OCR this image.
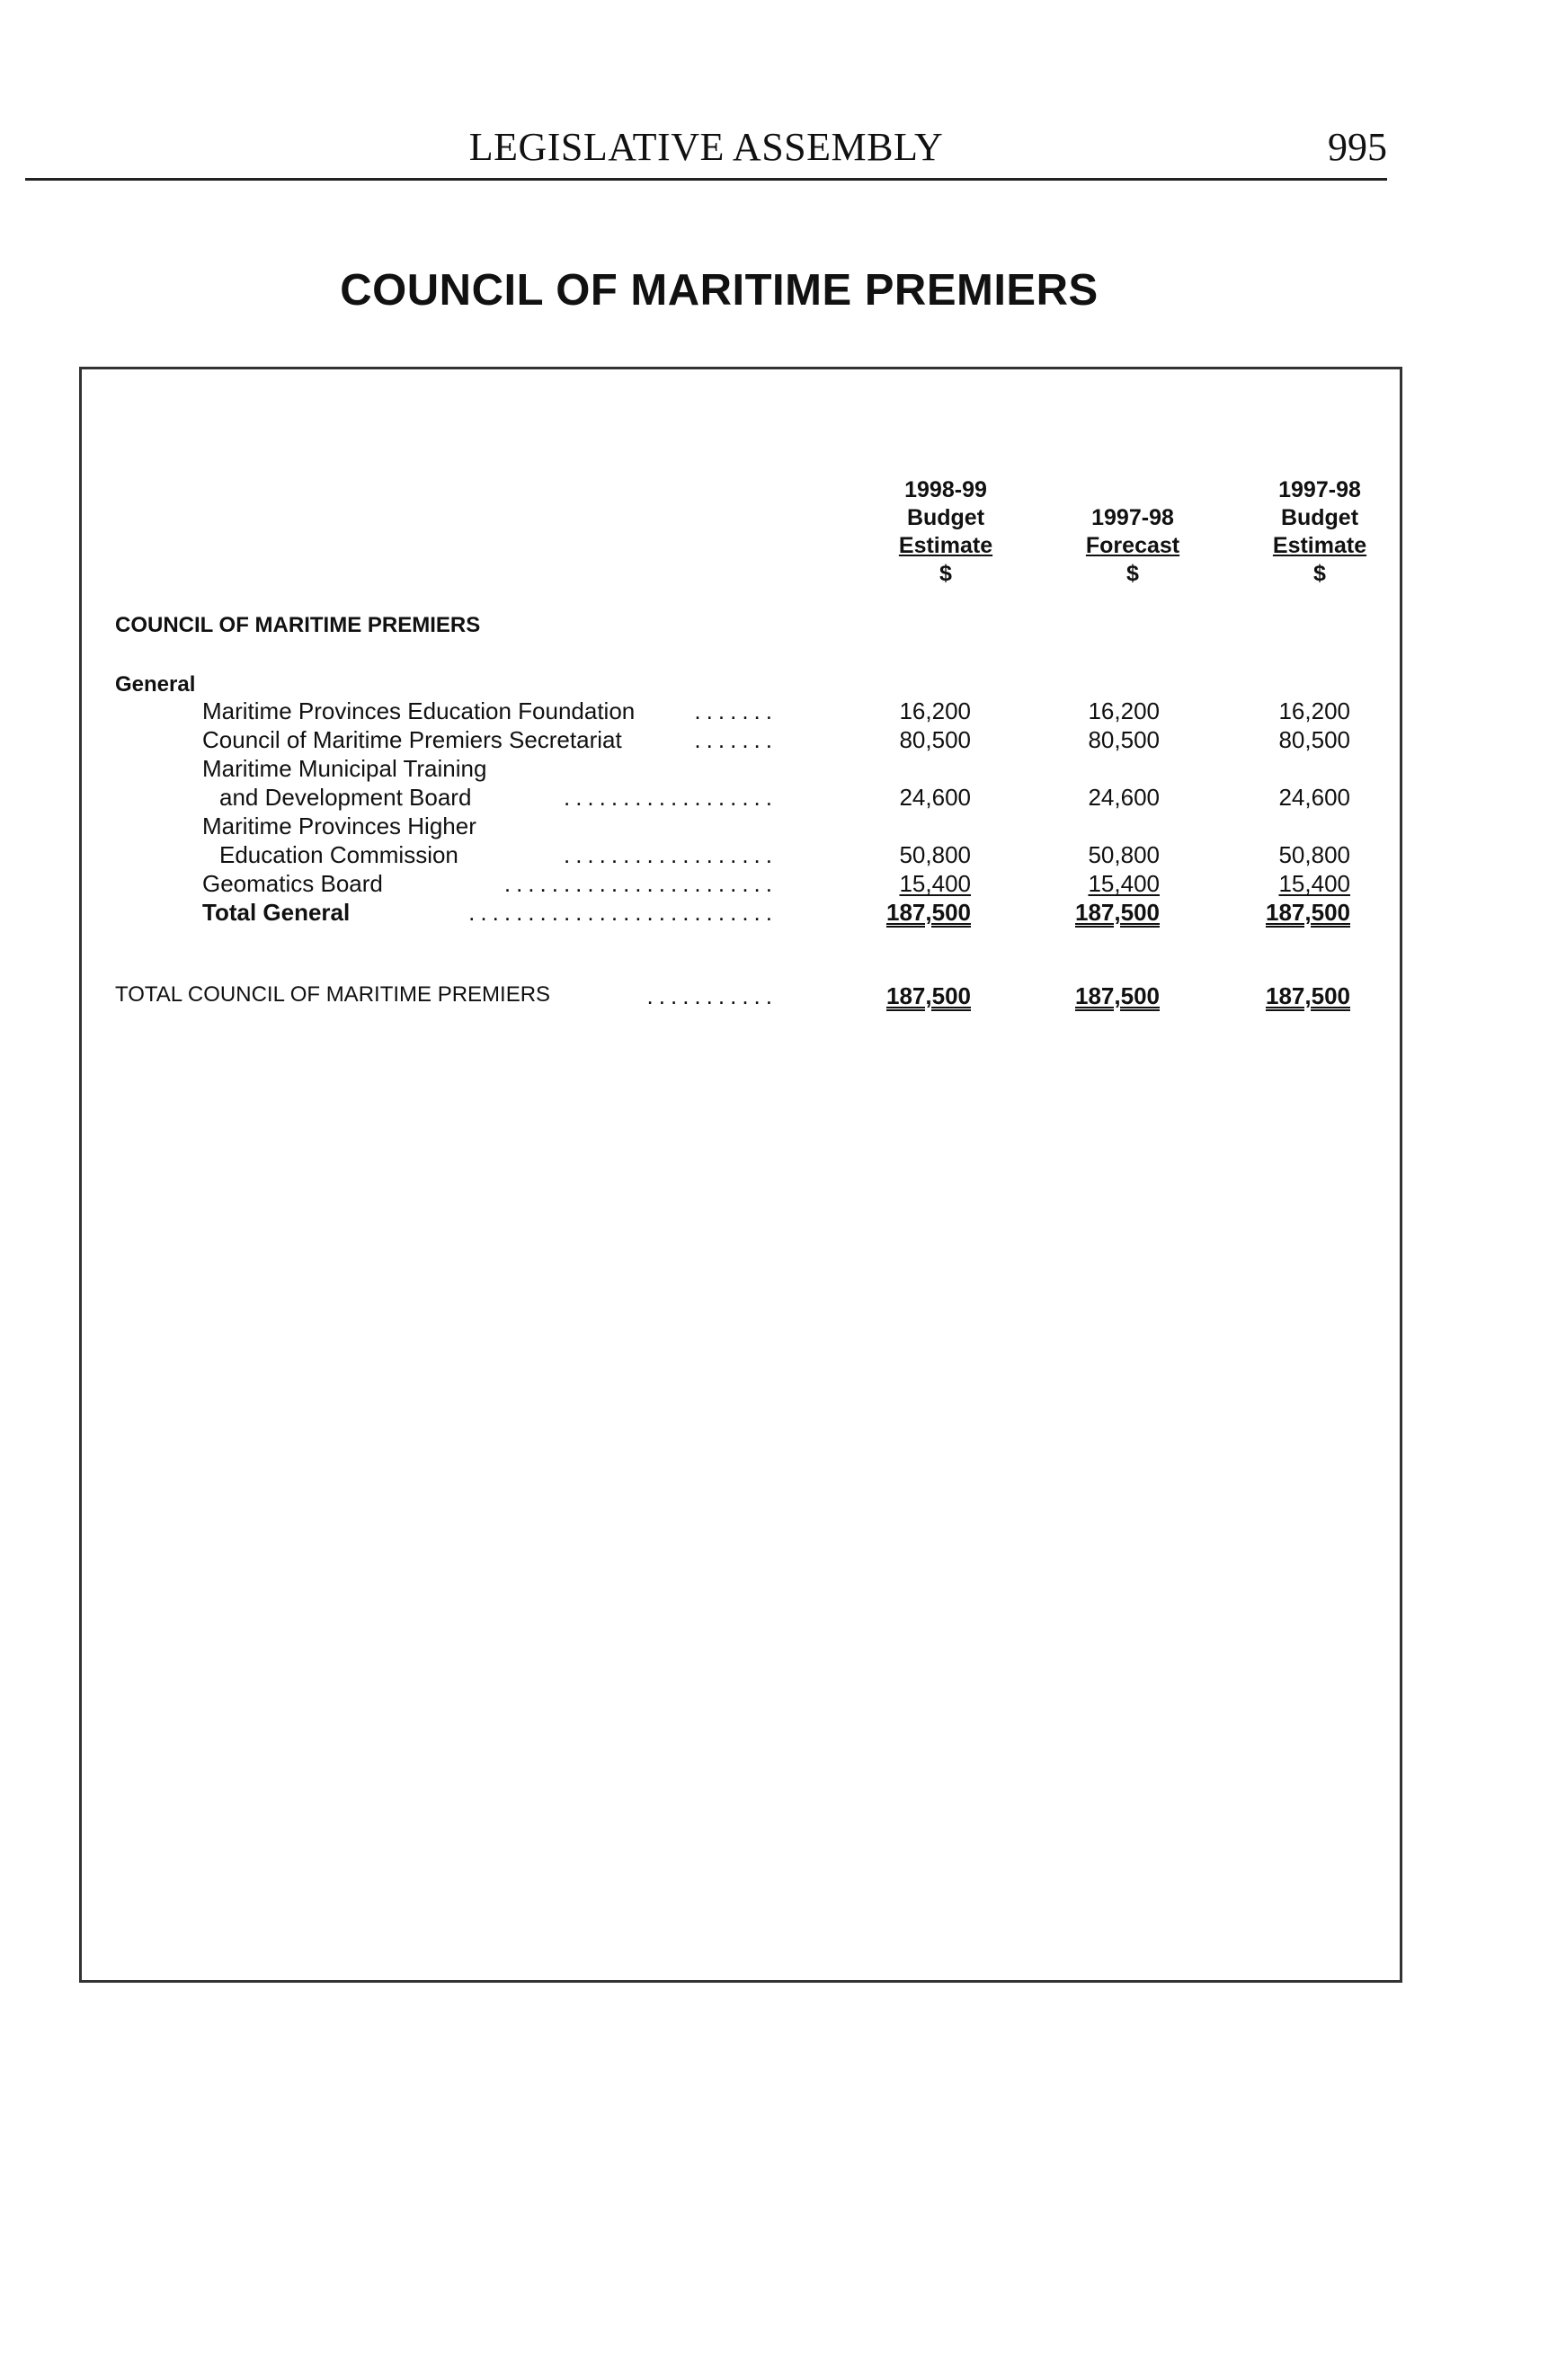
LEGISLATIVE ASSEMBLY	995
COUNCIL OF MARITIME PREMIERS
1998-99
Budget
Estimate
$

1997-98
Forecast
$
1997-98
Budget
Estimate
$
COUNCIL OF MARITIME PREMIERS
General
Maritime Provinces Education Foundation	.......	16,200	16,200	16,200
Council of Maritime Premiers Secretariat	.......	80,500	80,500	80,500
Maritime Municipal Training
and Development Board	..................	24,600	24,600	24,600
Maritime Provinces Higher
Education Commission	..................	50,800	50,800	50,800
Geomatics Board	.......................	15,400	15,400	15,400
Total General	..........................	187,500	187,500	187,500
TOTAL COUNCIL OF MARITIME PREMIERS	...........	187,500	187,500	187,500
